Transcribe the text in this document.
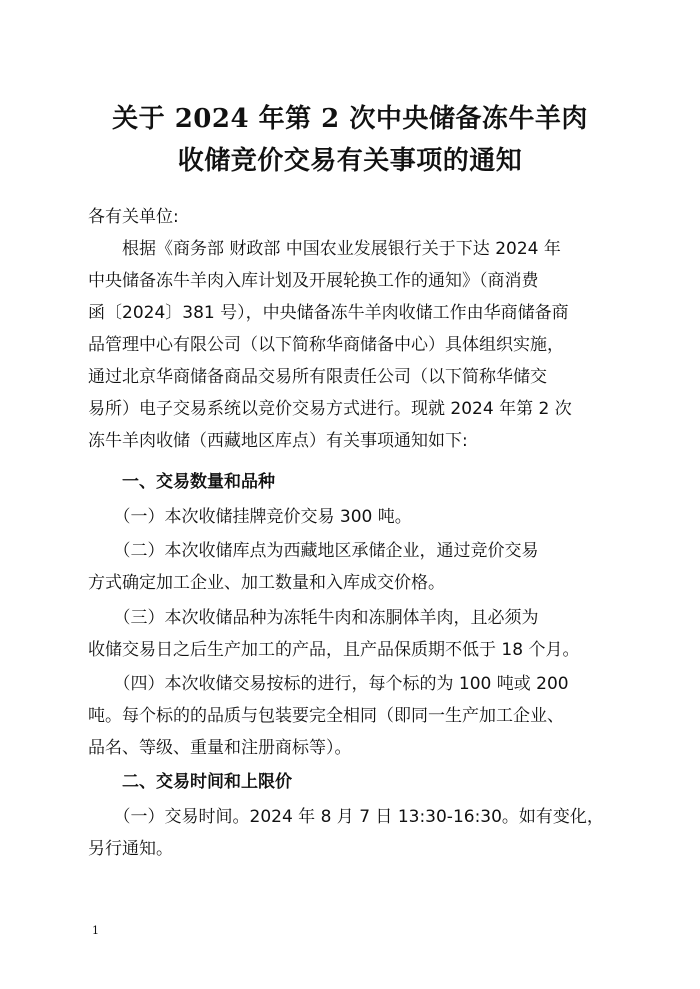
关于 2024 年第 2 次中央储备冻牛羊肉
收储竞价交易有关事项的通知

各有关单位:

　　根据《商务部 财政部 中国农业发展银行关于下达 2024 年

中央储备冻牛羊肉入库计划及开展轮换工作的通知》（商消费

函〔2024〕381 号），中央储备冻牛羊肉收储工作由华商储备商

品管理中心有限公司（以下简称华商储备中心）具体组织实施，

通过北京华商储备商品交易所有限责任公司（以下简称华储交

易所）电子交易系统以竞价交易方式进行。现就 2024 年第 2 次

冻牛羊肉收储（西藏地区库点）有关事项通知如下:

　　一、交易数量和品种

　　（一）本次收储挂牌竞价交易 300 吨。

　　（二）本次收储库点为西藏地区承储企业，通过竞价交易

方式确定加工企业、加工数量和入库成交价格。

　　（三）本次收储品种为冻牦牛肉和冻胴体羊肉，且必须为

收储交易日之后生产加工的产品，且产品保质期不低于 18 个月。

　　（四）本次收储交易按标的进行，每个标的为 100 吨或 200

吨。每个标的的品质与包装要完全相同（即同一生产加工企业、

品名、等级、重量和注册商标等）。

　　二、交易时间和上限价

　　（一）交易时间。2024 年 8 月 7 日 13:30-16:30。如有变化，

另行通知。

1
